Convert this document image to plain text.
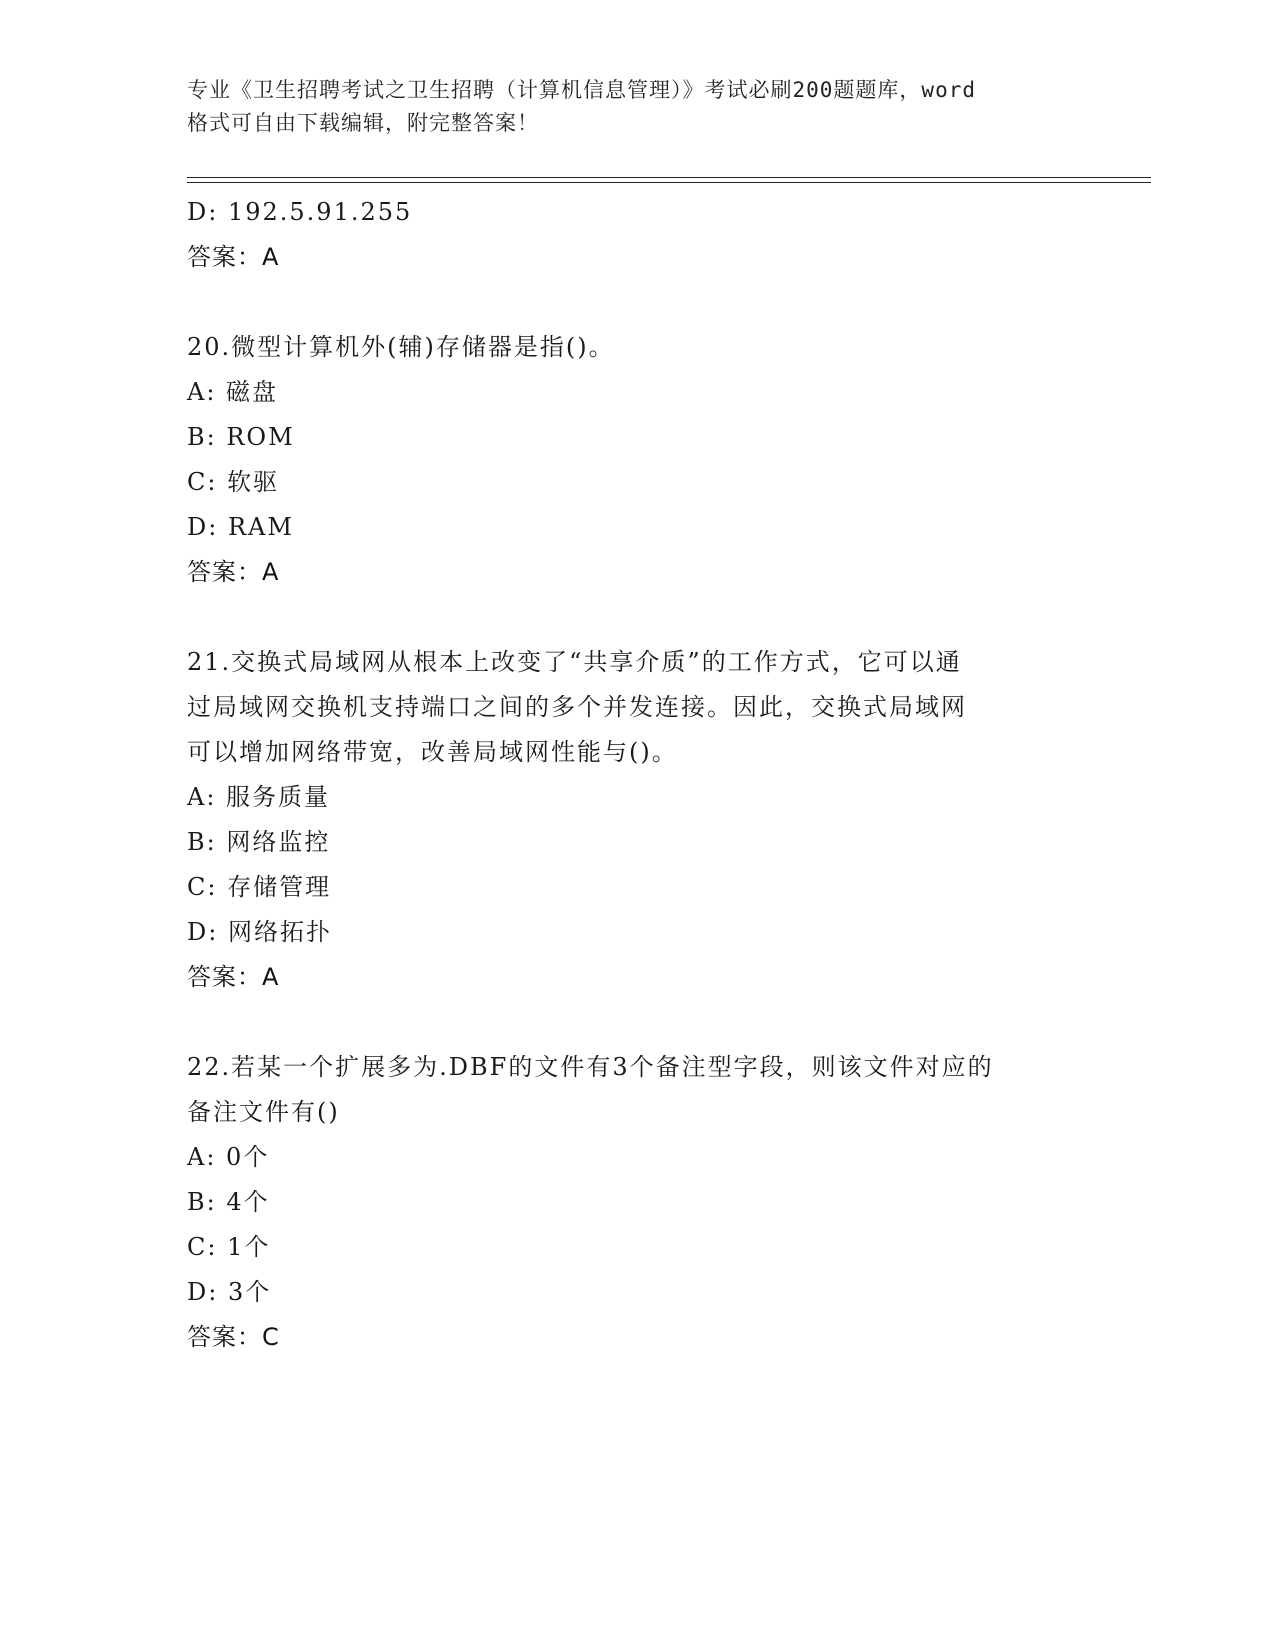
专业《卫生招聘考试之卫生招聘（计算机信息管理）》考试必刷200题题库，word
格式可自由下载编辑，附完整答案！
D: 192.5.91.255
答案：A
20.微型计算机外(辅)存储器是指()。
A: 磁盘
B: ROM
C: 软驱
D: RAM
答案：A
21.交换式局域网从根本上改变了“共享介质”的工作方式，它可以通
过局域网交换机支持端口之间的多个并发连接。因此，交换式局域网
可以增加网络带宽，改善局域网性能与()。
A: 服务质量
B: 网络监控
C: 存储管理
D: 网络拓扑
答案：A
22.若某一个扩展多为.DBF的文件有3个备注型字段，则该文件对应的
备注文件有()
A: 0个
B: 4个
C: 1个
D: 3个
答案：C
